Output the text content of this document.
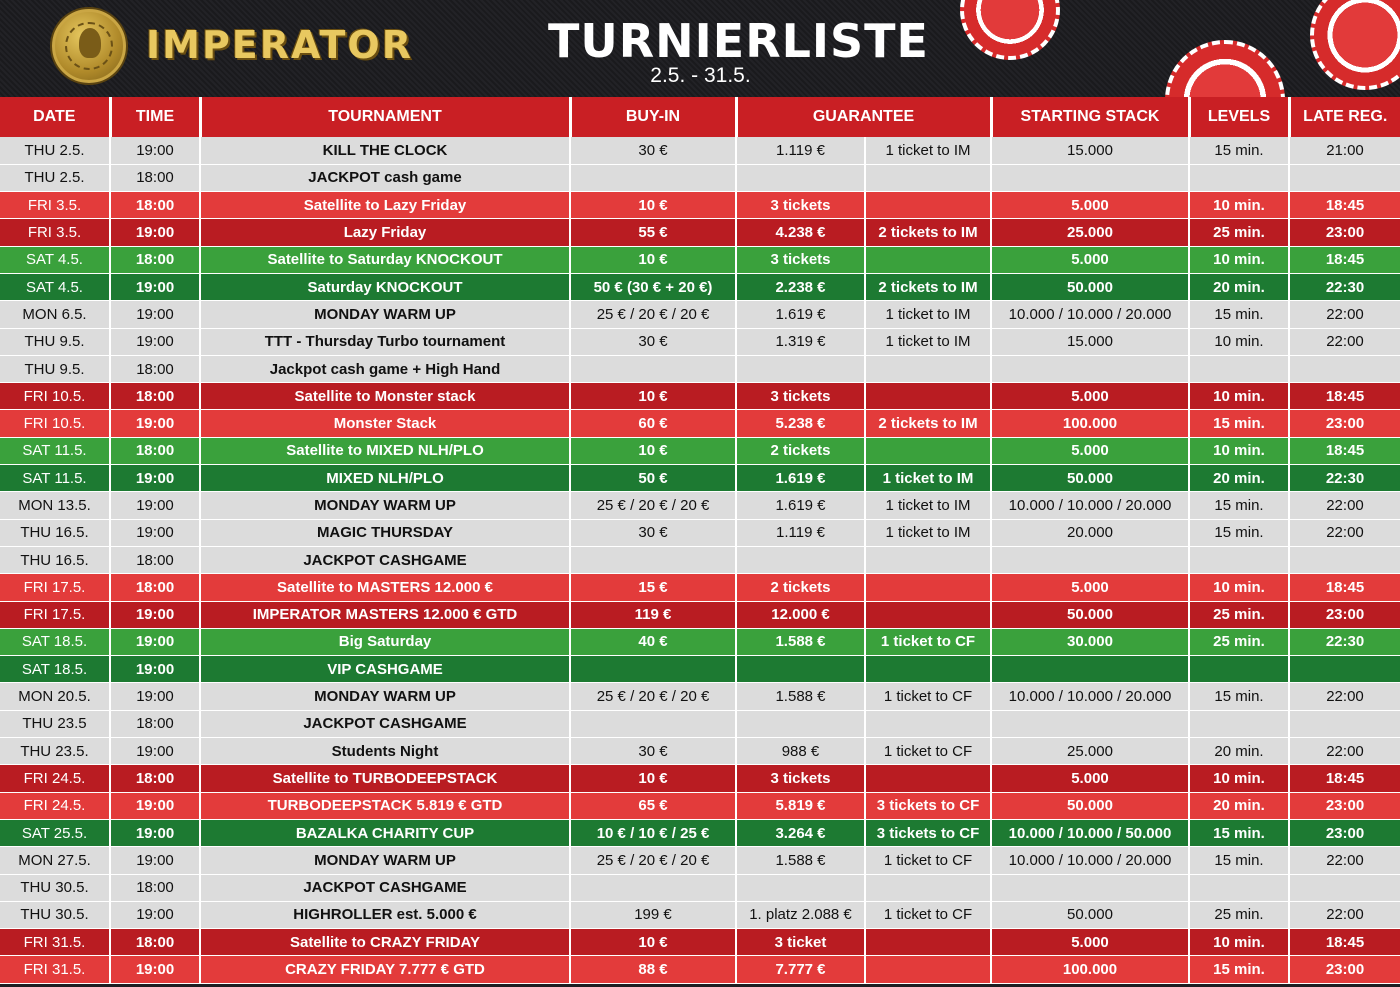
IMPERATOR	TURNIERLISTE
2.5. - 31.5.
DATE	TIME	TOURNAMENT	BUY-IN	GUARANTEE		STARTING STACK	LEVELS	LATE REG.
THU 2.5.	19:00	KILL THE CLOCK	30 €	1.119 €	1 ticket to IM	15.000	15 min.	21:00
THU 2.5.	18:00	JACKPOT cash game						
FRI 3.5.	18:00	Satellite to Lazy Friday	10 €	3 tickets		5.000	10 min.	18:45
FRI 3.5.	19:00	Lazy Friday	55 €	4.238 €	2 tickets to IM	25.000	25 min.	23:00
SAT 4.5.	18:00	Satellite to Saturday KNOCKOUT	10 €	3 tickets		5.000	10 min.	18:45
SAT 4.5.	19:00	Saturday KNOCKOUT	50 € (30 € + 20 €)	2.238 €	2 tickets to IM	50.000	20 min.	22:30
MON 6.5.	19:00	MONDAY WARM UP	25 € / 20 € / 20 €	1.619 €	1 ticket to IM	10.000 / 10.000 / 20.000	15 min.	22:00
THU 9.5.	19:00	TTT - Thursday Turbo tournament	30 €	1.319 €	1 ticket to IM	15.000	10 min.	22:00
THU 9.5.	18:00	Jackpot cash game + High Hand						
FRI 10.5.	18:00	Satellite to Monster stack	10 €	3 tickets		5.000	10 min.	18:45
FRI 10.5.	19:00	Monster Stack	60 €	5.238 €	2 tickets to IM	100.000	15 min.	23:00
SAT 11.5.	18:00	Satellite to MIXED NLH/PLO	10 €	2 tickets		5.000	10 min.	18:45
SAT 11.5.	19:00	MIXED NLH/PLO	50 €	1.619 €	1 ticket to IM	50.000	20 min.	22:30
MON 13.5.	19:00	MONDAY WARM UP	25 € / 20 € / 20 €	1.619 €	1 ticket to IM	10.000 / 10.000 / 20.000	15 min.	22:00
THU 16.5.	19:00	MAGIC THURSDAY	30 €	1.119 €	1 ticket to IM	20.000	15 min.	22:00
THU 16.5.	18:00	JACKPOT CASHGAME						
FRI 17.5.	18:00	Satellite to MASTERS 12.000 €	15 €	2 tickets		5.000	10 min.	18:45
FRI 17.5.	19:00	IMPERATOR MASTERS 12.000 € GTD	119 €	12.000 €		50.000	25 min.	23:00
SAT 18.5.	19:00	Big Saturday	40 €	1.588 €	1 ticket to CF	30.000	25 min.	22:30
SAT 18.5.	19:00	VIP CASHGAME						
MON 20.5.	19:00	MONDAY WARM UP	25 € / 20 € / 20 €	1.588 €	1 ticket to CF	10.000 / 10.000 / 20.000	15 min.	22:00
THU 23.5	18:00	JACKPOT CASHGAME						
THU 23.5.	19:00	Students Night	30 €	988 €	1 ticket to CF	25.000	20 min.	22:00
FRI 24.5.	18:00	Satellite to TURBODEEPSTACK	10 €	3 tickets		5.000	10 min.	18:45
FRI 24.5.	19:00	TURBODEEPSTACK 5.819 € GTD	65 €	5.819 €	3 tickets to CF	50.000	20 min.	23:00
SAT 25.5.	19:00	BAZALKA CHARITY CUP	10 € / 10 € / 25 €	3.264 €	3 tickets to CF	10.000 / 10.000 / 50.000	15 min.	23:00
MON 27.5.	19:00	MONDAY WARM UP	25 € / 20 € / 20 €	1.588 €	1 ticket to CF	10.000 / 10.000 / 20.000	15 min.	22:00
THU 30.5.	18:00	JACKPOT CASHGAME						
THU 30.5.	19:00	HIGHROLLER est. 5.000 €	199 €	1. platz 2.088 €	1 ticket to CF	50.000	25 min.	22:00
FRI 31.5.	18:00	Satellite to CRAZY FRIDAY	10 €	3 ticket		5.000	10 min.	18:45
FRI 31.5.	19:00	CRAZY FRIDAY 7.777 € GTD	88 €	7.777 €		100.000	15 min.	23:00
